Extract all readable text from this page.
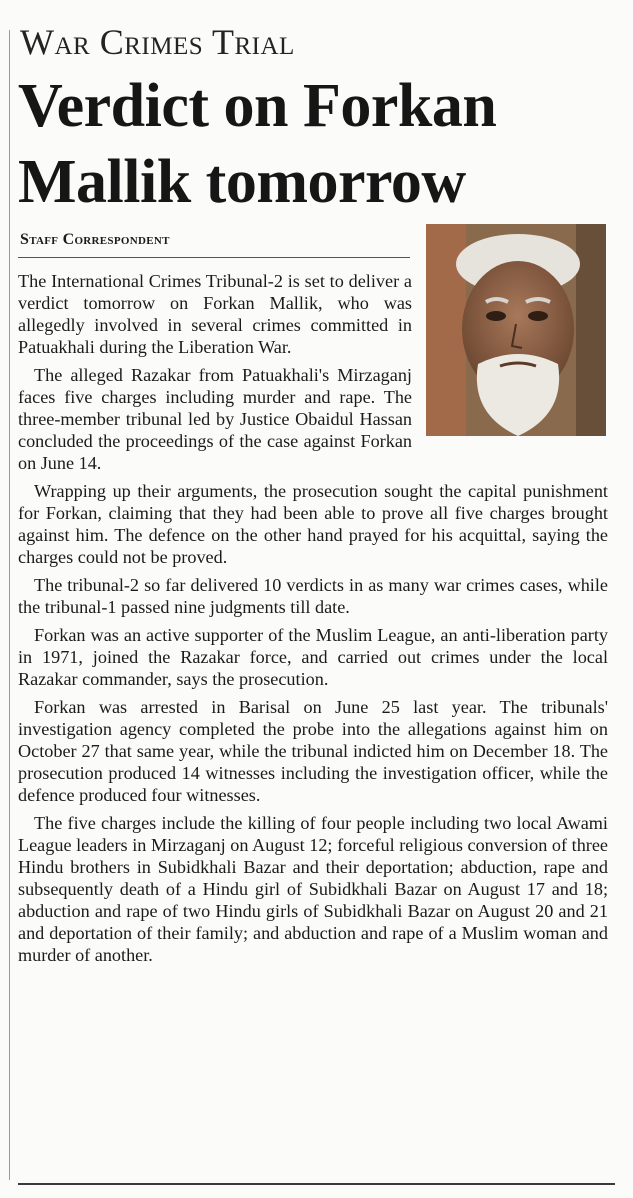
War Crimes Trial
Verdict on Forkan Mallik tomorrow
Staff Correspondent

The International Crimes Tribunal-2 is set to deliver a verdict tomorrow on Forkan Mallik, who was allegedly involved in several crimes committed in Patuakhali during the Liberation War.

The alleged Razakar from Patuakhali's Mirzaganj faces five charges including murder and rape. The three-member tribunal led by Justice Obaidul Hassan concluded the proceedings of the case against Forkan on June 14.

Wrapping up their arguments, the prosecution sought the capital punishment for Forkan, claiming that they had been able to prove all five charges brought against him. The defence on the other hand prayed for his acquittal, saying the charges could not be proved.

The tribunal-2 so far delivered 10 verdicts in as many war crimes cases, while the tribunal-1 passed nine judgments till date.

Forkan was an active supporter of the Muslim League, an anti-liberation party in 1971, joined the Razakar force, and carried out crimes under the local Razakar commander, says the prosecution.

Forkan was arrested in Barisal on June 25 last year. The tribunals' investigation agency completed the probe into the allegations against him on October 27 that same year, while the tribunal indicted him on December 18. The prosecution produced 14 witnesses including the investigation officer, while the defence produced four witnesses.

The five charges include the killing of four people including two local Awami League leaders in Mirzaganj on August 12; forceful religious conversion of three Hindu brothers in Subidkhali Bazar and their deportation; abduction, rape and subsequently death of a Hindu girl of Subidkhali Bazar on August 17 and 18; abduction and rape of two Hindu girls of Subidkhali Bazar on August 20 and 21 and deportation of their family; and abduction and rape of a Muslim woman and murder of another.
